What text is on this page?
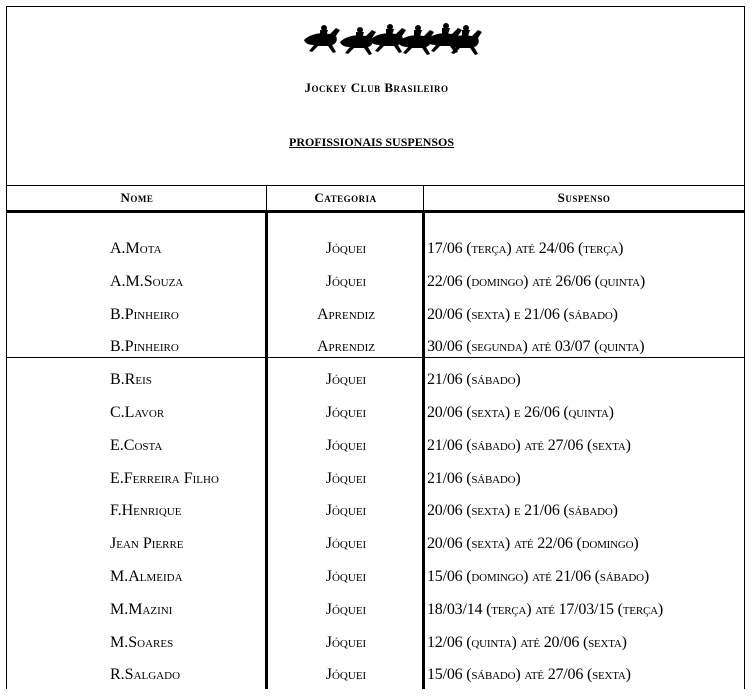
Jockey Club Brasileiro
PROFISSIONAIS SUSPENSOS
Nome	Categoria	Suspenso
A.Mota	Jóquei	17/06 (terça) até 24/06 (terça)
A.M.Souza	Jóquei	22/06 (domingo) até 26/06 (quinta)
B.Pinheiro	Aprendiz	20/06 (sexta) e 21/06 (sábado)
B.Pinheiro	Aprendiz	30/06 (segunda) até 03/07 (quinta)
B.Reis	Jóquei	21/06 (sábado)
C.Lavor	Jóquei	20/06 (sexta) e 26/06 (quinta)
E.Costa	Jóquei	21/06 (sábado) até 27/06 (sexta)
E.Ferreira Filho	Jóquei	21/06 (sábado)
F.Henrique	Jóquei	20/06 (sexta) e 21/06 (sábado)
Jean Pierre	Jóquei	20/06 (sexta) até 22/06 (domingo)
M.Almeida	Jóquei	15/06 (domingo) até 21/06 (sábado)
M.Mazini	Jóquei	18/03/14 (terça) até 17/03/15 (terça)
M.Soares	Jóquei	12/06 (quinta) até 20/06 (sexta)
R.Salgado	Jóquei	15/06 (sábado) até 27/06 (sexta)
